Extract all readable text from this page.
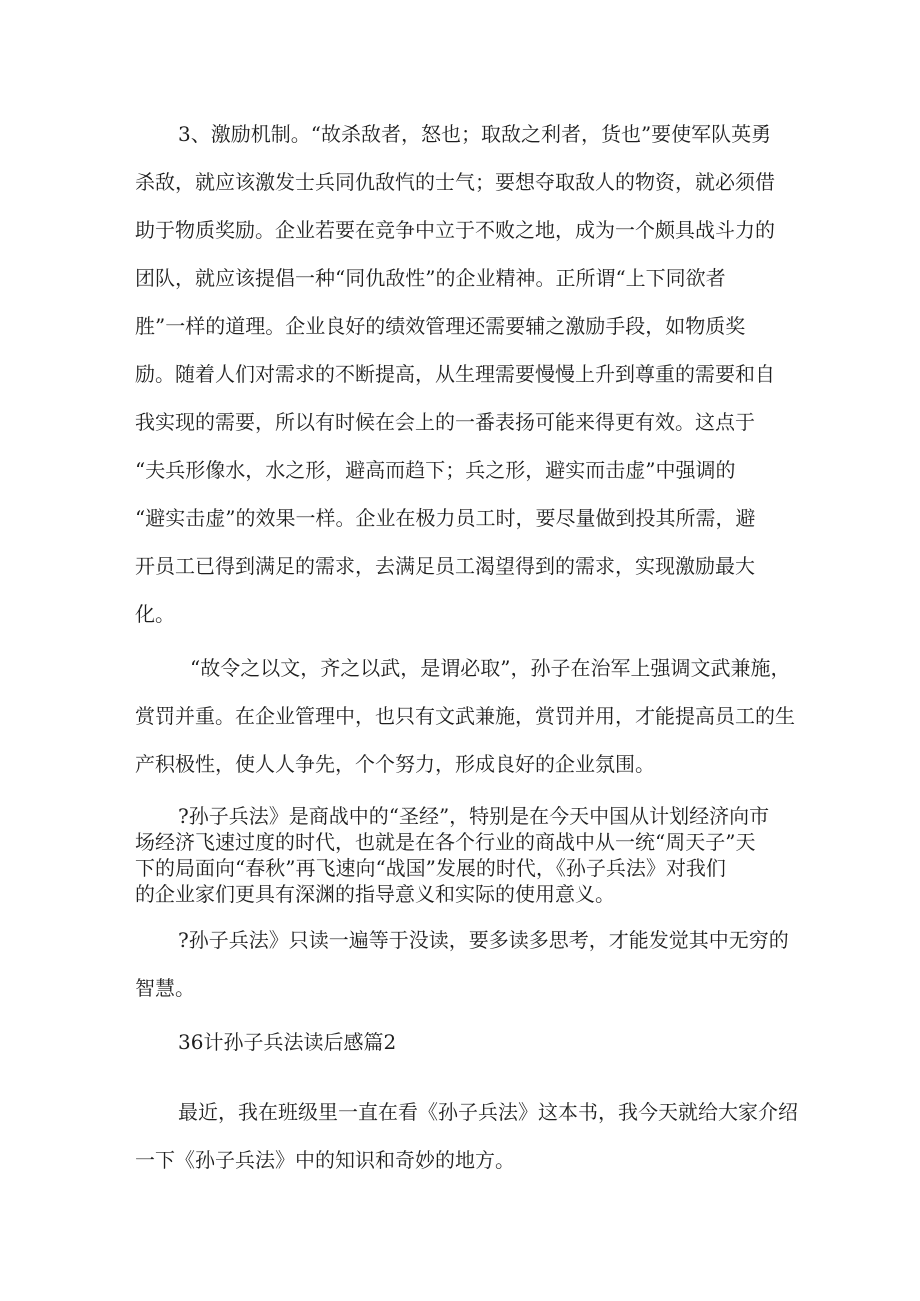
3、激励机制。“故杀敌者，怒也；取敌之利者，货也”要使军队英勇

杀敌，就应该激发士兵同仇敌忾的士气；要想夺取敌人的物资，就必须借

助于物质奖励。企业若要在竞争中立于不败之地，成为一个颇具战斗力的

团队，就应该提倡一种“同仇敌性”的企业精神。正所谓“上下同欲者

胜”一样的道理。企业良好的绩效管理还需要辅之激励手段，如物质奖

励。随着人们对需求的不断提高，从生理需要慢慢上升到尊重的需要和自

我实现的需要，所以有时候在会上的一番表扬可能来得更有效。这点于

“夫兵形像水，水之形，避高而趋下；兵之形，避实而击虚”中强调的

“避实击虚”的效果一样。企业在极力员工时，要尽量做到投其所需，避

开员工已得到满足的需求，去满足员工渴望得到的需求，实现激励最大

化。

“故令之以文，齐之以武，是谓必取”，孙子在治军上强调文武兼施，

赏罚并重。在企业管理中，也只有文武兼施，赏罚并用，才能提高员工的生

产积极性，使人人争先，个个努力，形成良好的企业氛围。

?孙子兵法》是商战中的“圣经”，特别是在今天中国从计划经济向市

场经济飞速过度的时代，也就是在各个行业的商战中从一统“周天子”天

下的局面向“春秋”再飞速向“战国”发展的时代，《孙子兵法》对我们

的企业家们更具有深渊的指导意义和实际的使用意义。

?孙子兵法》只读一遍等于没读，要多读多思考，才能发觉其中无穷的

智慧。

36计孙子兵法读后感篇2

最近，我在班级里一直在看《孙子兵法》这本书，我今天就给大家介绍

一下《孙子兵法》中的知识和奇妙的地方。
